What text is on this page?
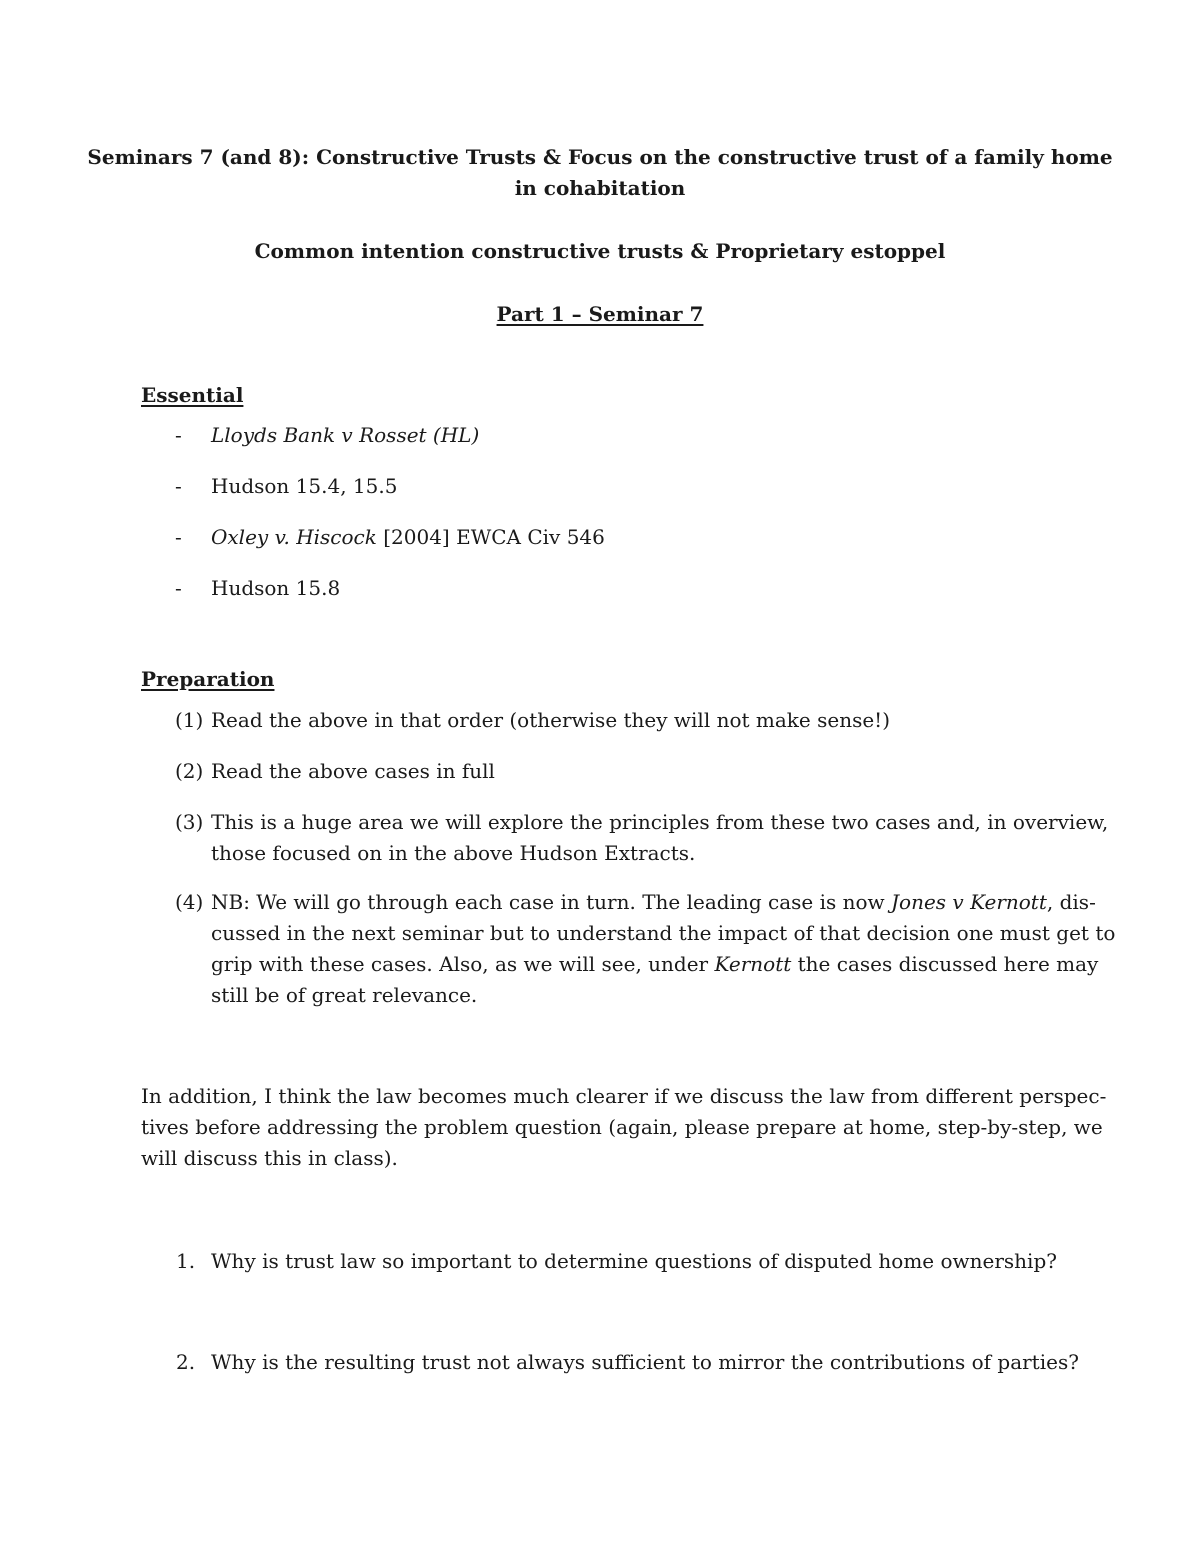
Seminars 7 (and 8): Constructive Trusts & Focus on the constructive trust of a family home
in cohabitation
Common intention constructive trusts & Proprietary estoppel
Part 1 – Seminar 7
Essential
- Lloyds Bank v Rosset (HL)
- Hudson 15.4, 15.5
- Oxley v. Hiscock [2004] EWCA Civ 546
- Hudson 15.8
Preparation
(1) Read the above in that order (otherwise they will not make sense!)
(2) Read the above cases in full
(3) This is a huge area we will explore the principles from these two cases and, in overview,
those focused on in the above Hudson Extracts.
(4) NB: We will go through each case in turn. The leading case is now Jones v Kernott, dis-
cussed in the next seminar but to understand the impact of that decision one must get to
grip with these cases. Also, as we will see, under Kernott the cases discussed here may
still be of great relevance.
In addition, I think the law becomes much clearer if we discuss the law from different perspec-
tives before addressing the problem question (again, please prepare at home, step-by-step, we
will discuss this in class).
1. Why is trust law so important to determine questions of disputed home ownership?
2. Why is the resulting trust not always sufficient to mirror the contributions of parties?
